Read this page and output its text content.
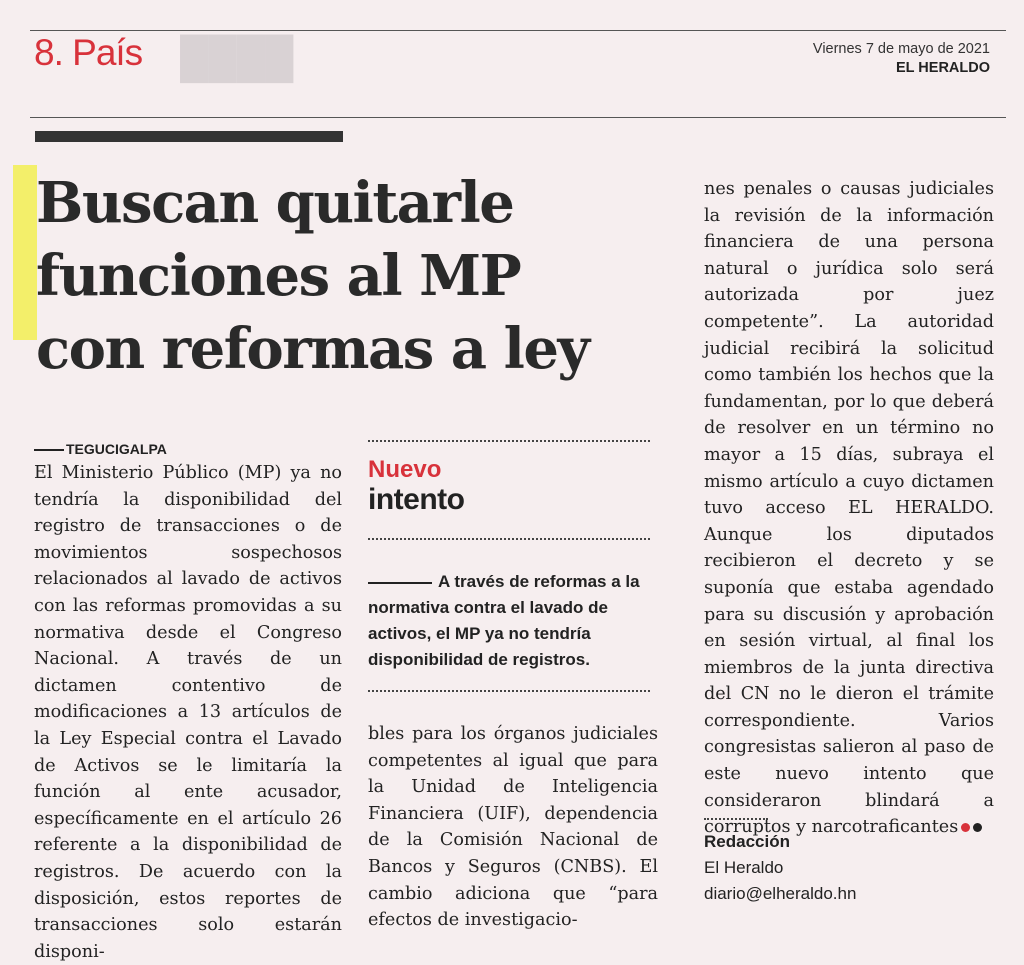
8. País	Viernes 7 de mayo de 2021
EL HERALDO
████
Buscan quitarle
funciones al MP
con reformas a ley
TEGUCIGALPA

El Ministerio Público (MP) ya no tendría la disponibilidad del registro de transacciones o de movimientos sospechosos relacionados al lavado de activos con las reformas promovidas a su normativa desde el Congreso Nacional. A través de un dictamen contentivo de modificaciones a 13 artículos de la Ley Especial contra el Lavado de Activos se le limitaría la función al ente acusador, específicamente en el artículo 26 referente a la disponibilidad de registros. De acuerdo con la disposición, estos reportes de transacciones solo estarán disponi-

Nuevo
intento
A través de reformas a la normativa contra el lavado de activos, el MP ya no tendría disponibilidad de registros.

bles para los órganos judiciales competentes al igual que para la Unidad de Inteligencia Financiera (UIF), dependencia de la Comisión Nacional de Bancos y Seguros (CNBS). El cambio adiciona que “para efectos de investigacio-

nes penales o causas judiciales la revisión de la información financiera de una persona natural o jurídica solo será autorizada por juez competente”. La autoridad judicial recibirá la solicitud como también los hechos que la fundamentan, por lo que deberá de resolver en un término no mayor a 15 días, subraya el mismo artículo a cuyo dictamen tuvo acceso EL HERALDO. Aunque los diputados recibieron el decreto y se suponía que estaba agendado para su discusión y aprobación en sesión virtual, al final los miembros de la junta directiva del CN no le dieron el trámite correspondiente. Varios congresistas salieron al paso de este nuevo intento que consideraron blindará a corruptos y narcotraficantes

Redacción
El Heraldo
diario@elheraldo.hn
